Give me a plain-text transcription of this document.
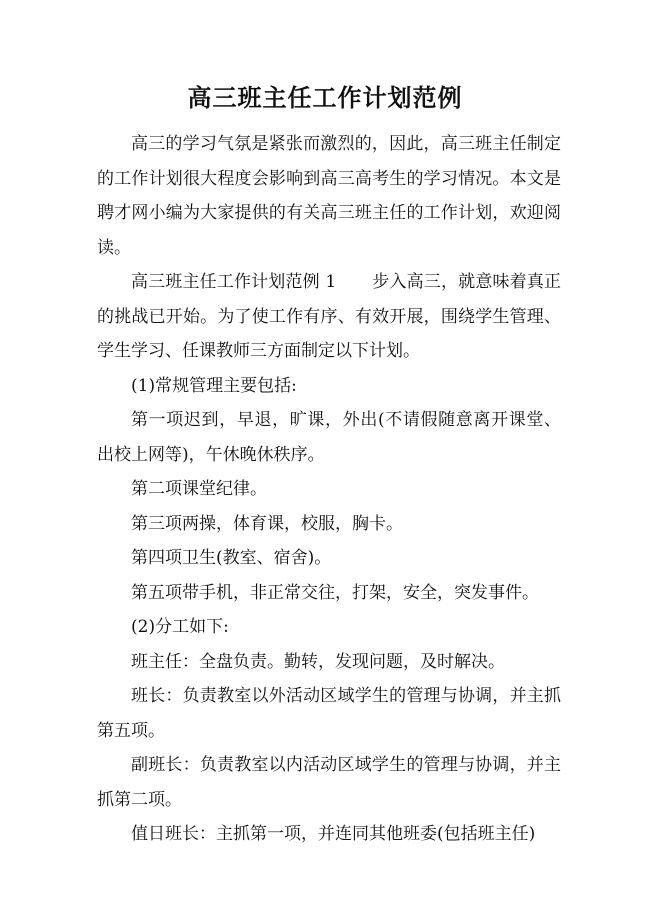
高三班主任工作计划范例

高三的学习气氛是紧张而激烈的，因此，高三班主任制定的工作计划很大程度会影响到高三高考生的学习情况。本文是聘才网小编为大家提供的有关高三班主任的工作计划，欢迎阅读。

高三班主任工作计划范例 1 步入高三，就意味着真正的挑战已开始。为了使工作有序、有效开展，围绕学生管理、学生学习、任课教师三方面制定以下计划。

(1)常规管理主要包括:

第一项迟到，早退，旷课，外出(不请假随意离开课堂、出校上网等)，午休晚休秩序。

第二项课堂纪律。

第三项两操，体育课，校服，胸卡。

第四项卫生(教室、宿舍)。

第五项带手机，非正常交往，打架，安全，突发事件。

(2)分工如下:

班主任：全盘负责。勤转，发现问题，及时解决。

班长：负责教室以外活动区域学生的管理与协调，并主抓第五项。

副班长：负责教室以内活动区域学生的管理与协调，并主抓第二项。

值日班长：主抓第一项，并连同其他班委(包括班主任)
